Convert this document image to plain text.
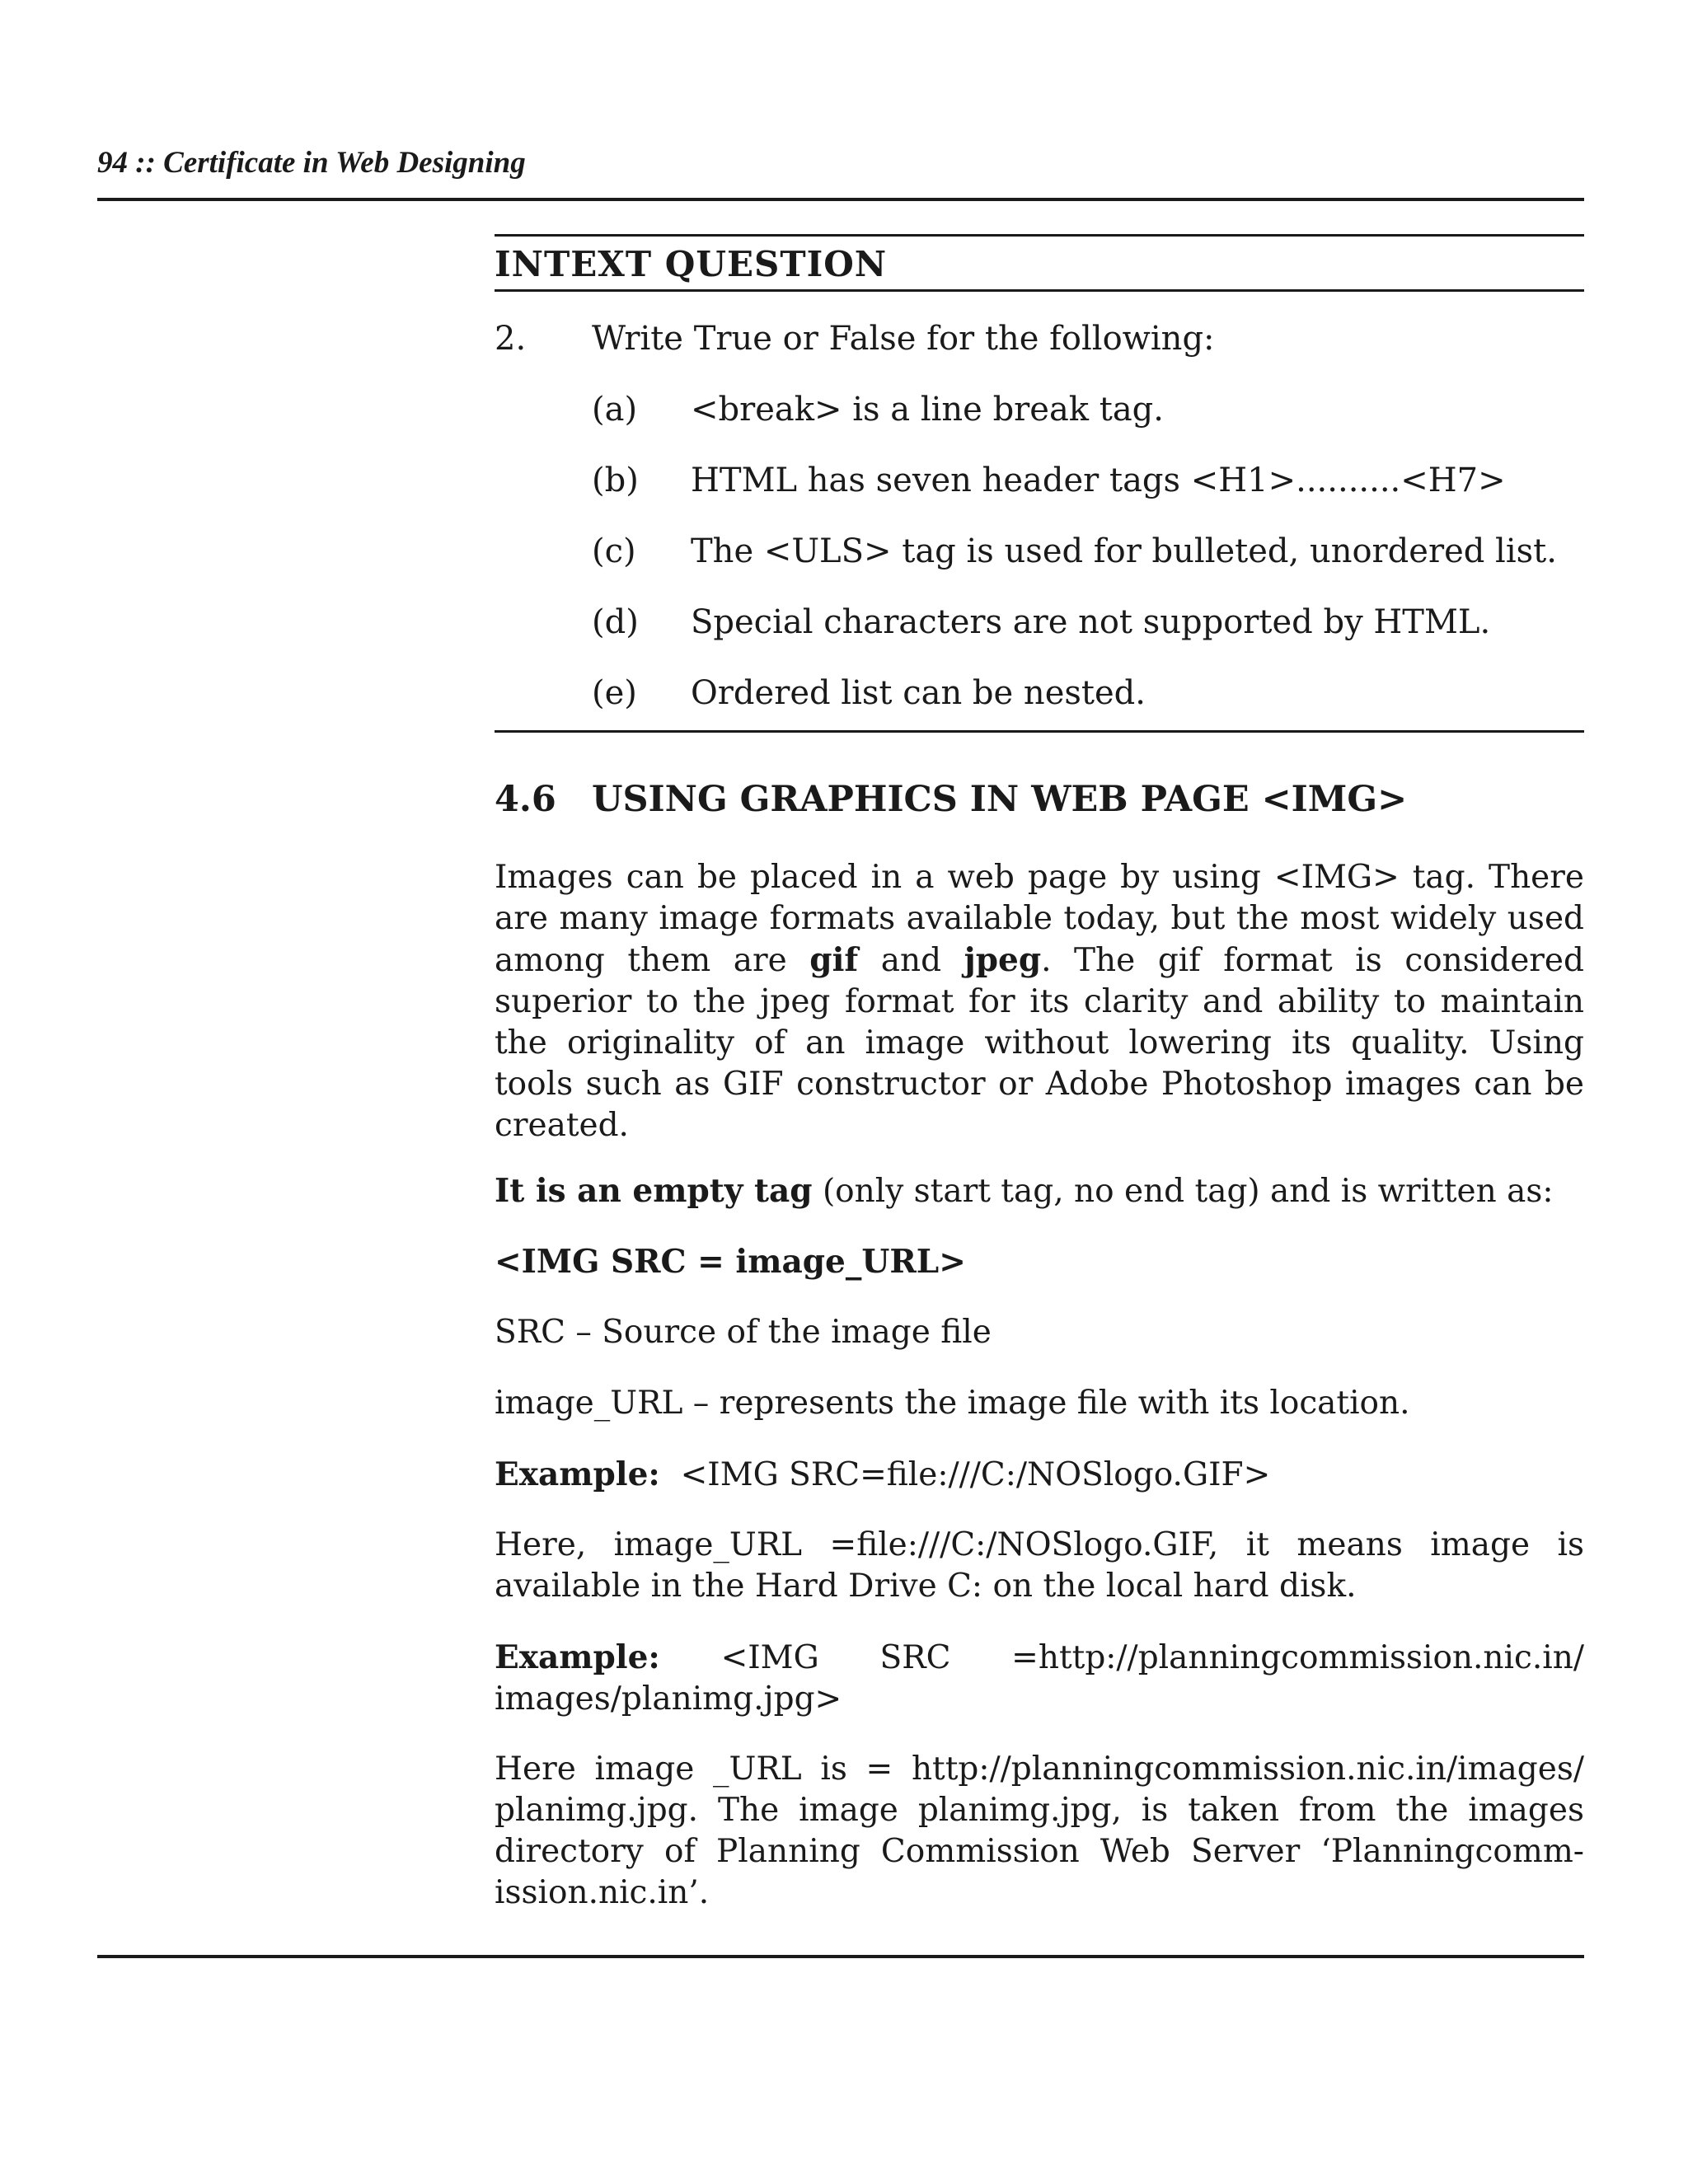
94 :: Certificate in Web Designing
INTEXT QUESTION
2. Write True or False for the following:
(a) <break> is a line break tag.
(b) HTML has seven header tags <H1>..........<H7>
(c) The <ULS> tag is used for bulleted, unordered list.
(d) Special characters are not supported by HTML.
(e) Ordered list can be nested.
4.6 USING GRAPHICS IN WEB PAGE <IMG>
Images can be placed in a web page by using <IMG> tag. There are many image formats available today, but the most widely used among them are gif and jpeg. The gif format is considered superior to the jpeg format for its clarity and ability to maintain the originality of an image without lowering its quality. Using tools such as GIF constructor or Adobe Photoshop images can be created.
It is an empty tag (only start tag, no end tag) and is written as:
<IMG SRC = image_URL>
SRC – Source of the image file
image_URL – represents the image file with its location.
Example:  <IMG SRC=file:///C:/NOSlogo.GIF>
Here, image_URL =file:///C:/NOSlogo.GIF, it means image is available in the Hard Drive C: on the local hard disk.
Example: <IMG SRC =http://planningcommission.nic.in/ images/planimg.jpg>
Here image _URL is = http://planningcommission.nic.in/images/ planimg.jpg. The image planimg.jpg, is taken from the images directory of Planning Commission Web Server ‘Planningcomm-ission.nic.in’.
